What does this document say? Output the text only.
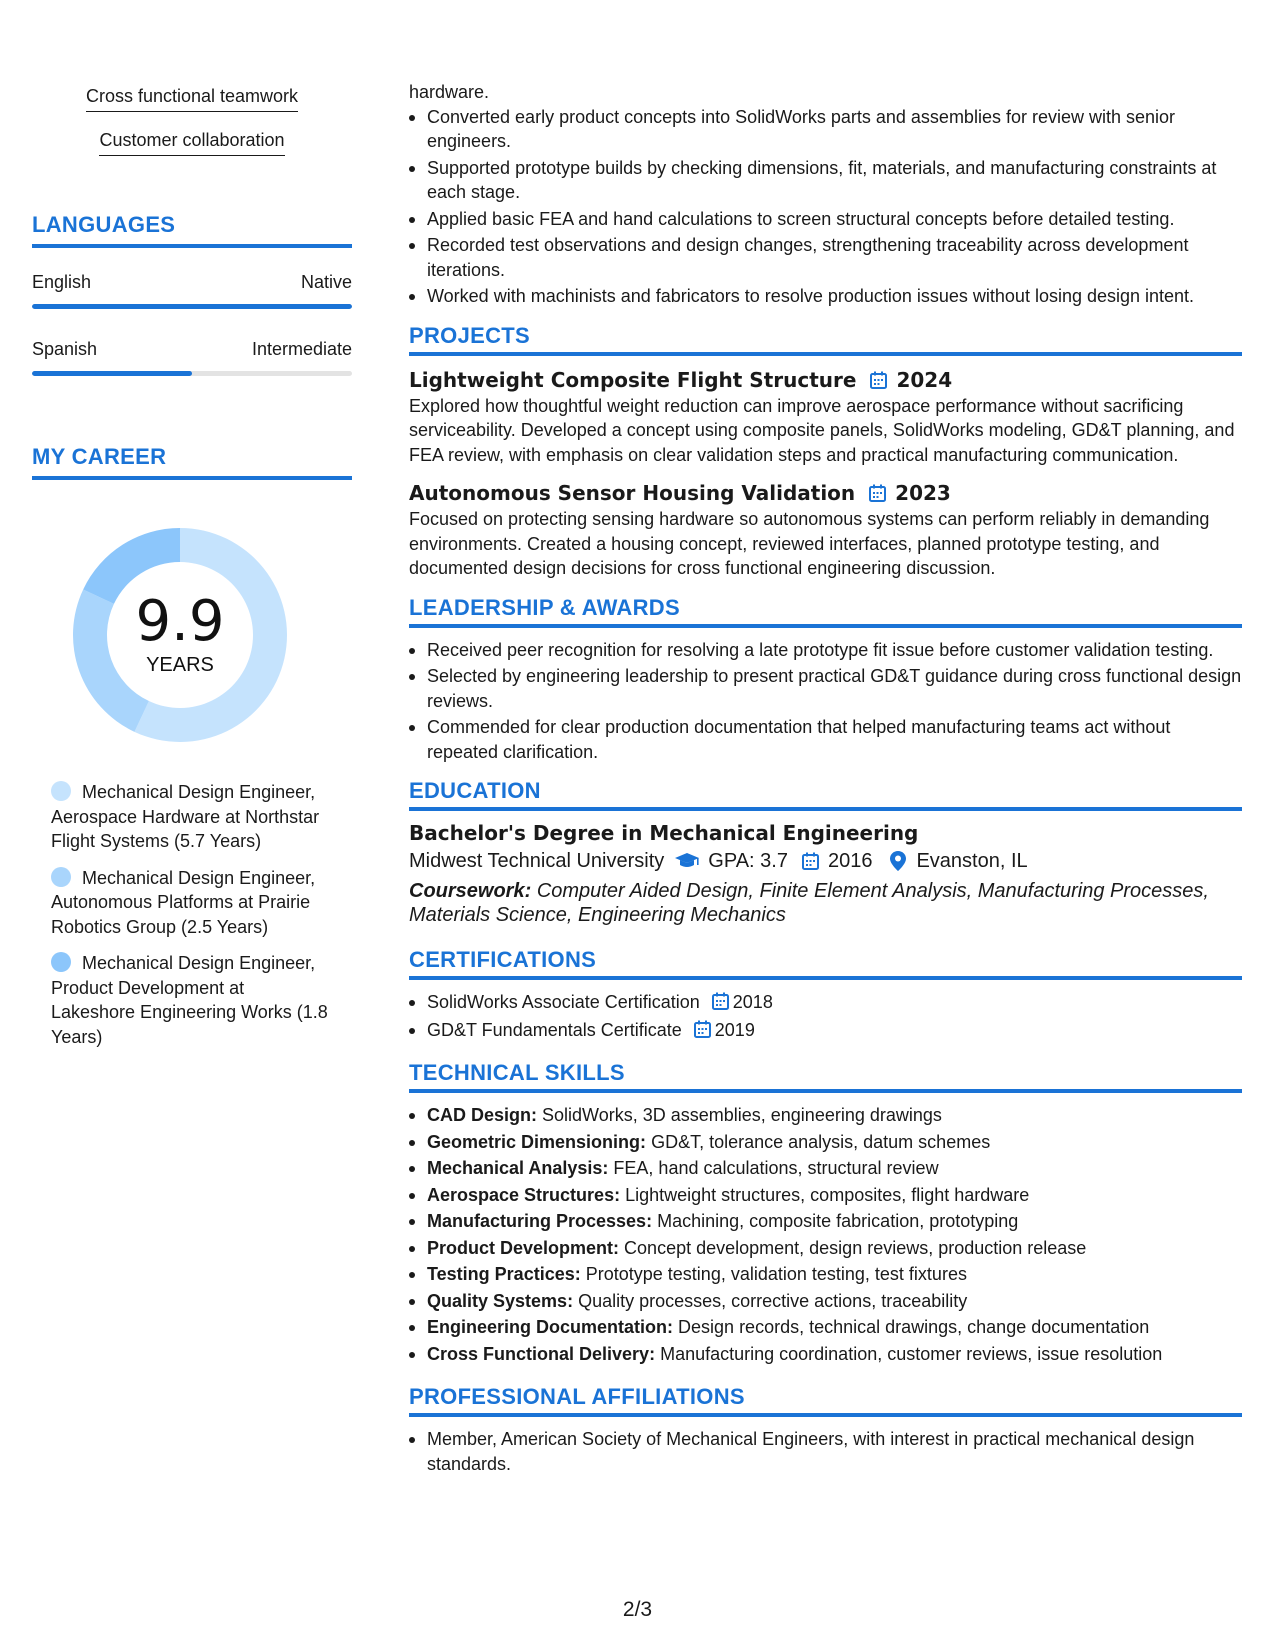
Cross functional teamwork
Customer collaboration
LANGUAGES
English	Native
Spanish	Intermediate
MY CAREER
9.9
YEARS
Mechanical Design Engineer, Aerospace Hardware at Northstar Flight Systems (5.7 Years)
Mechanical Design Engineer, Autonomous Platforms at Prairie Robotics Group (2.5 Years)
Mechanical Design Engineer, Product Development at Lakeshore Engineering Works (1.8 Years)

hardware.

Converted early product concepts into SolidWorks parts and assemblies for review with senior engineers.
Supported prototype builds by checking dimensions, fit, materials, and manufacturing constraints at each stage.
Applied basic FEA and hand calculations to screen structural concepts before detailed testing.
Recorded test observations and design changes, strengthening traceability across development iterations.
Worked with machinists and fabricators to resolve production issues without losing design intent.
PROJECTS
Lightweight Composite Flight Structure 2024

Explored how thoughtful weight reduction can improve aerospace performance without sacrificing serviceability. Developed a concept using composite panels, SolidWorks modeling, GD&T planning, and FEA review, with emphasis on clear validation steps and practical manufacturing communication.

Autonomous Sensor Housing Validation 2023

Focused on protecting sensing hardware so autonomous systems can perform reliably in demanding environments. Created a housing concept, reviewed interfaces, planned prototype testing, and documented design decisions for cross functional engineering discussion.

LEADERSHIP & AWARDS
Received peer recognition for resolving a late prototype fit issue before customer validation testing.
Selected by engineering leadership to present practical GD&T guidance during cross functional design reviews.
Commended for clear production documentation that helped manufacturing teams act without repeated clarification.
EDUCATION
Bachelor's Degree in Mechanical Engineering
Midwest Technical University GPA: 3.7 2016 Evanston, IL

Coursework: Computer Aided Design, Finite Element Analysis, Manufacturing Processes, Materials Science, Engineering Mechanics

CERTIFICATIONS
SolidWorks Associate Certification 2018
GD&T Fundamentals Certificate 2019
TECHNICAL SKILLS
CAD Design: SolidWorks, 3D assemblies, engineering drawings
Geometric Dimensioning: GD&T, tolerance analysis, datum schemes
Mechanical Analysis: FEA, hand calculations, structural review
Aerospace Structures: Lightweight structures, composites, flight hardware
Manufacturing Processes: Machining, composite fabrication, prototyping
Product Development: Concept development, design reviews, production release
Testing Practices: Prototype testing, validation testing, test fixtures
Quality Systems: Quality processes, corrective actions, traceability
Engineering Documentation: Design records, technical drawings, change documentation
Cross Functional Delivery: Manufacturing coordination, customer reviews, issue resolution
PROFESSIONAL AFFILIATIONS
Member, American Society of Mechanical Engineers, with interest in practical mechanical design standards.
2/3
